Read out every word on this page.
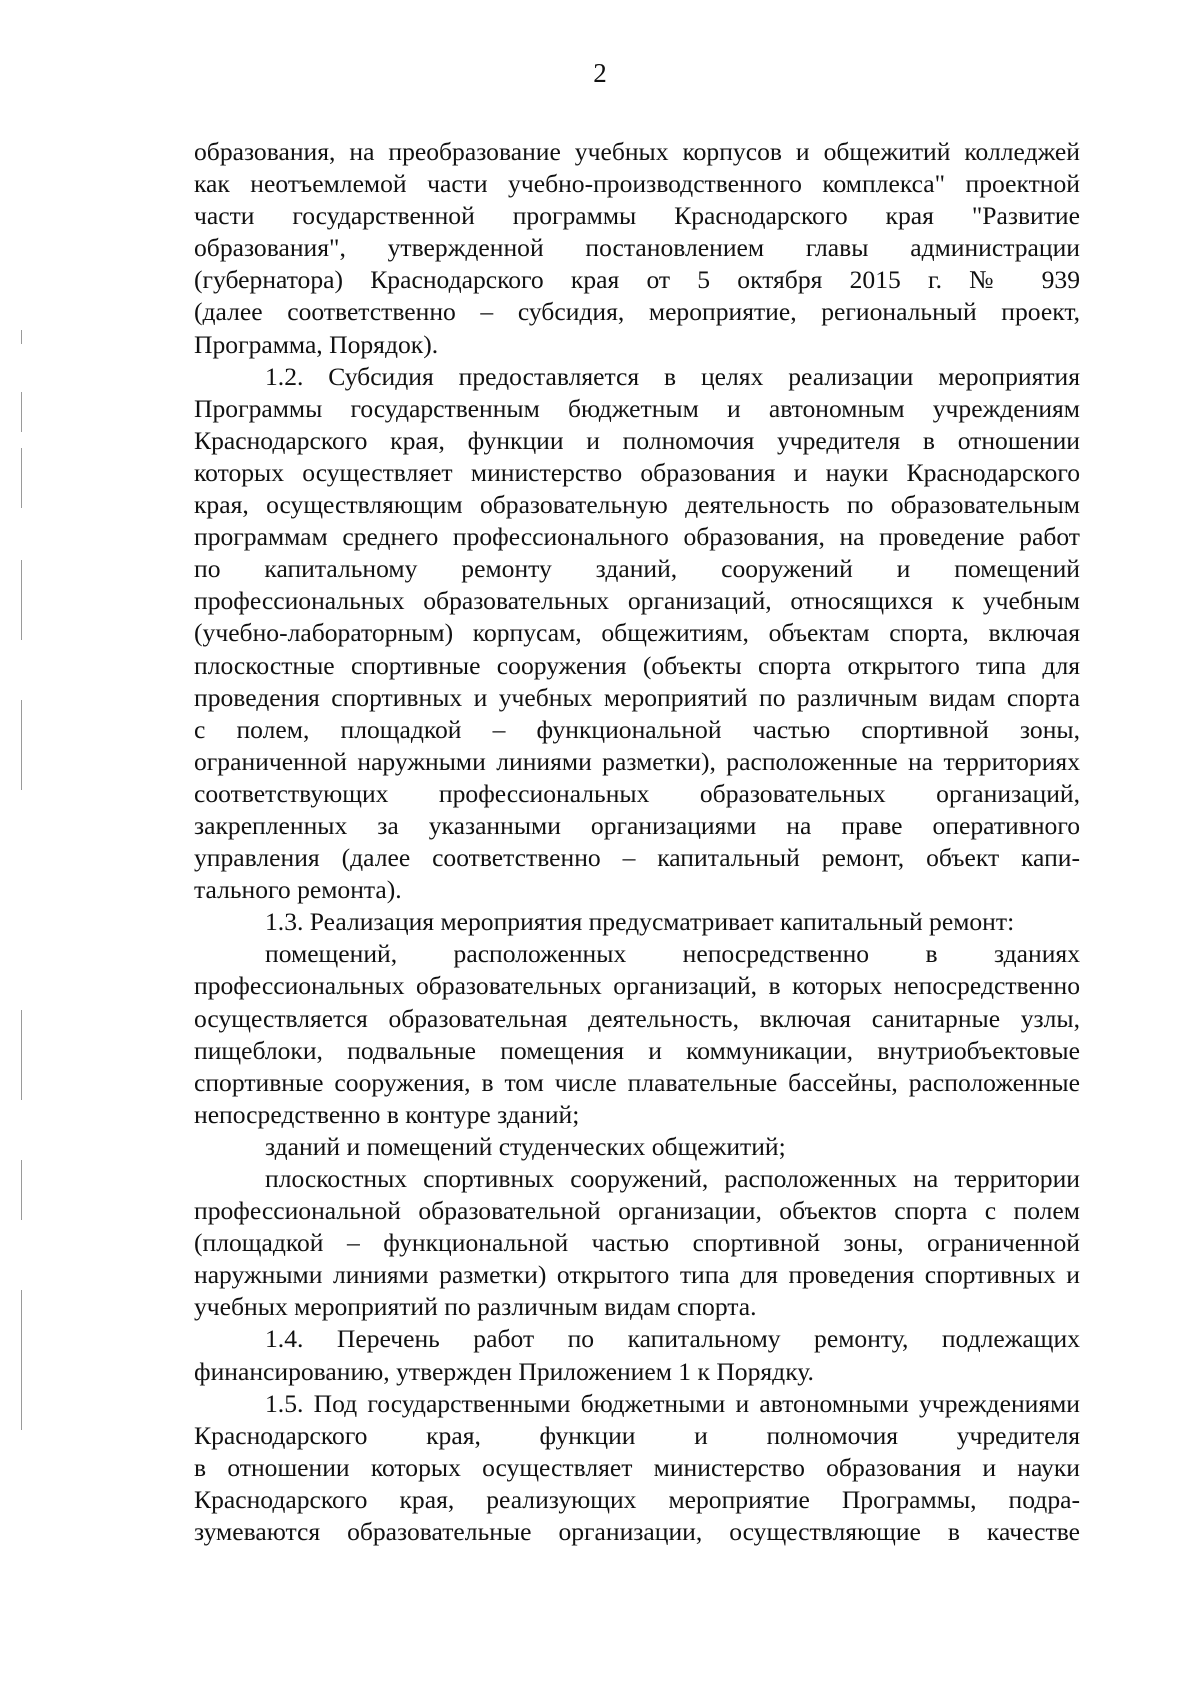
2
образования, на преобразование учебных корпусов и общежитий колледжей
как неотъемлемой части учебно-производственного комплекса" проектной
части государственной программы Краснодарского края "Развитие
образования", утвержденной постановлением главы администрации
(губернатора) Краснодарского края от 5 октября 2015 г. № 939
(далее соответственно – субсидия, мероприятие, региональный проект,
Программа, Порядок).
1.2. Субсидия предоставляется в целях реализации мероприятия
Программы государственным бюджетным и автономным учреждениям
Краснодарского края, функции и полномочия учредителя в отношении
которых осуществляет министерство образования и науки Краснодарского
края, осуществляющим образовательную деятельность по образовательным
программам среднего профессионального образования, на проведение работ
по капитальному ремонту зданий, сооружений и помещений
профессиональных образовательных организаций, относящихся к учебным
(учебно-лабораторным) корпусам, общежитиям, объектам спорта, включая
плоскостные спортивные сооружения (объекты спорта открытого типа для
проведения спортивных и учебных мероприятий по различным видам спорта
с полем, площадкой – функциональной частью спортивной зоны,
ограниченной наружными линиями разметки), расположенные на территориях
соответствующих профессиональных образовательных организаций,
закрепленных за указанными организациями на праве оперативного
управления (далее соответственно – капитальный ремонт, объект капи-
тального ремонта).
1.3. Реализация мероприятия предусматривает капитальный ремонт:
помещений, расположенных непосредственно в зданиях
профессиональных образовательных организаций, в которых непосредственно
осуществляется образовательная деятельность, включая санитарные узлы,
пищеблоки, подвальные помещения и коммуникации, внутриобъектовые
спортивные сооружения, в том числе плавательные бассейны, расположенные
непосредственно в контуре зданий;
зданий и помещений студенческих общежитий;
плоскостных спортивных сооружений, расположенных на территории
профессиональной образовательной организации, объектов спорта с полем
(площадкой – функциональной частью спортивной зоны, ограниченной
наружными линиями разметки) открытого типа для проведения спортивных и
учебных мероприятий по различным видам спорта.
1.4. Перечень работ по капитальному ремонту, подлежащих
финансированию, утвержден Приложением 1 к Порядку.
1.5. Под государственными бюджетными и автономными учреждениями
Краснодарского края, функции и полномочия учредителя
в отношении которых осуществляет министерство образования и науки
Краснодарского края, реализующих мероприятие Программы, подра-
зумеваются образовательные организации, осуществляющие в качестве
